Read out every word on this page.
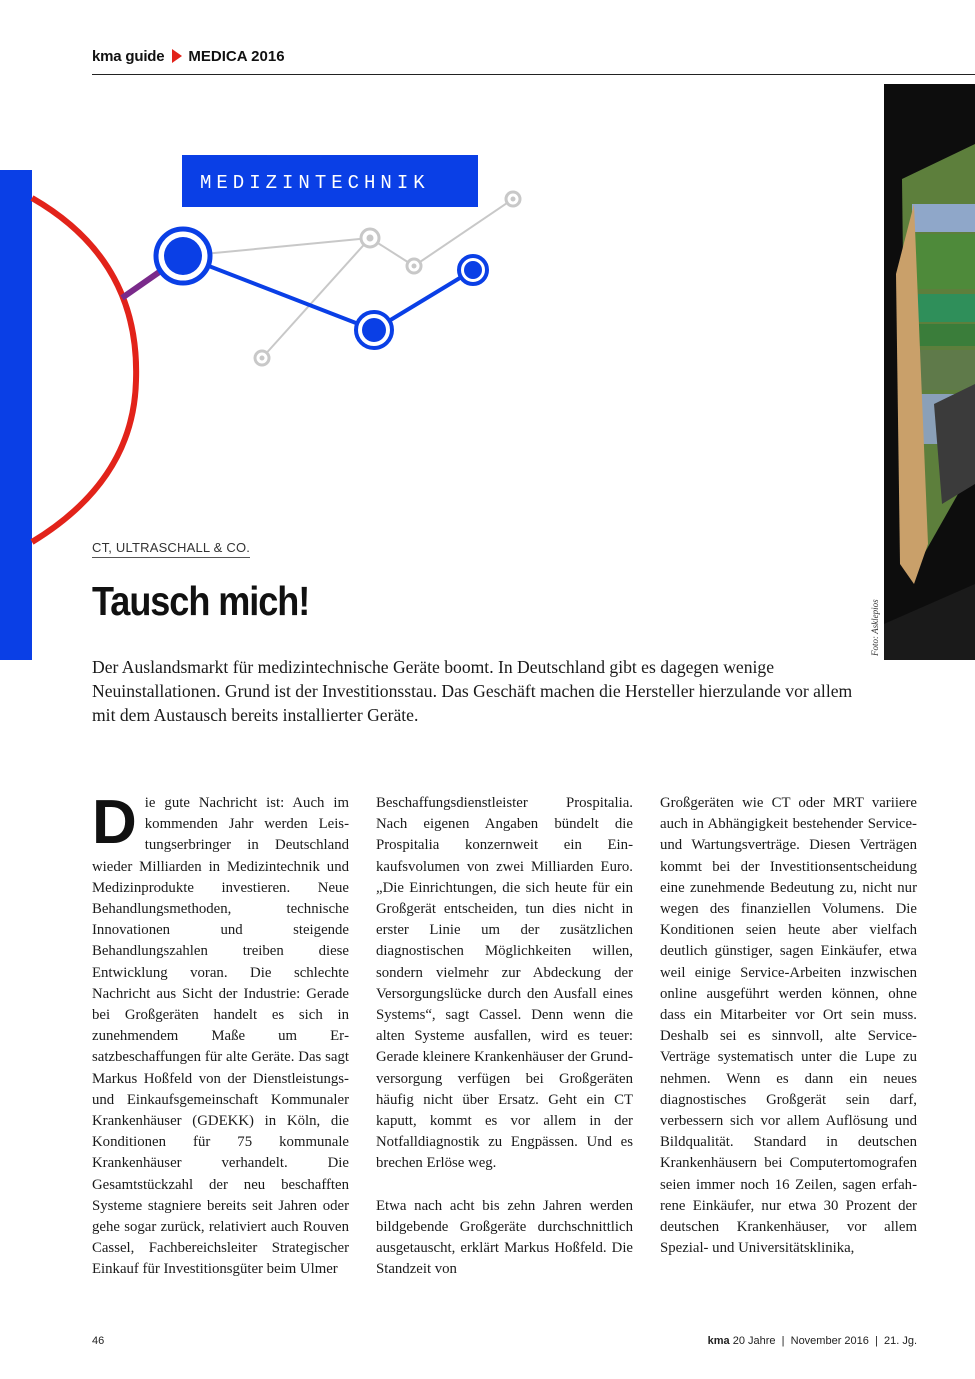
kma guide MEDICA 2016
MEDIZINTECHNIK
Foto: Asklepios
CT, ULTRASCHALL & CO.
Tausch mich!

Der Auslandsmarkt für medizintechnische Geräte boomt. In Deutschland gibt es dagegen wenige Neuinstallationen. Grund ist der Investitionsstau. Das Geschäft machen die Hersteller hierzulande vor allem mit dem Austausch bereits installierter Geräte.

Die gute Nachricht ist: Auch im kommenden Jahr werden Leistungserbringer in Deutschland wieder Milliarden in Medizintechnik und Medizinprodukte investieren. Neue Behandlungsmethoden, technische Innovationen und steigende Behandlungszahlen treiben diese Entwicklung voran. Die schlechte Nachricht aus Sicht der Industrie: Gerade bei Großgeräten handelt es sich in zunehmendem Maße um Ersatzbeschaffungen für alte Geräte. Das sagt Markus Hoßfeld von der Dienstleistungs- und Einkaufsgemeinschaft Kommunaler Krankenhäuser (GDEKK) in Köln, die Konditionen für 75 kommunale Krankenhäuser verhandelt. Die Gesamtstückzahl der neu beschafften Systeme stagniere bereits seit Jahren oder gehe sogar zurück, relativiert auch Rouven Cassel, Fachbereichsleiter Strategischer Einkauf für Investitionsgüter beim Ulmer

Beschaffungsdienstleister Prospitalia. Nach eigenen Angaben bündelt die Prospitalia konzernweit ein Einkaufsvolumen von zwei Milliarden Euro. „Die Einrichtungen, die sich heute für ein Großgerät entscheiden, tun dies nicht in erster Linie um der zusätzlichen diagnostischen Möglichkeiten willen, sondern vielmehr zur Abdeckung der Versorgungslücke durch den Ausfall eines Systems“, sagt Cassel. Denn wenn die alten Systeme ausfallen, wird es teuer: Gerade kleinere Krankenhäuser der Grundversorgung verfügen bei Großgeräten häufig nicht über Ersatz. Geht ein CT kaputt, kommt es vor allem in der Notfalldiagnostik zu Engpässen. Und es brechen Erlöse weg.

Etwa nach acht bis zehn Jahren werden bildgebende Großgeräte durchschnittlich ausgetauscht, erklärt Markus Hoßfeld. Die Standzeit von

Großgeräten wie CT oder MRT variiere auch in Abhängigkeit bestehender Service- und Wartungsverträge. Diesen Verträgen kommt bei der Investitionsentscheidung eine zunehmende Bedeutung zu, nicht nur wegen des finanziellen Volumens. Die Konditionen seien heute aber vielfach deutlich günstiger, sagen Einkäufer, etwa weil einige Service-Arbeiten inzwischen online ausgeführt werden können, ohne dass ein Mitarbeiter vor Ort sein muss. Deshalb sei es sinnvoll, alte Service-Verträge systematisch unter die Lupe zu nehmen. Wenn es dann ein neues diagnostisches Großgerät sein darf, verbessern sich vor allem Auflösung und Bildqualität. Standard in deutschen Krankenhäusern bei Computertomografen seien immer noch 16 Zeilen, sagen erfahrene Einkäufer, nur etwa 30 Prozent der deutschen Krankenhäuser, vor allem Spezial- und Universitätsklinika,

46	kma 20 Jahre  |  November 2016  |  21. Jg.
